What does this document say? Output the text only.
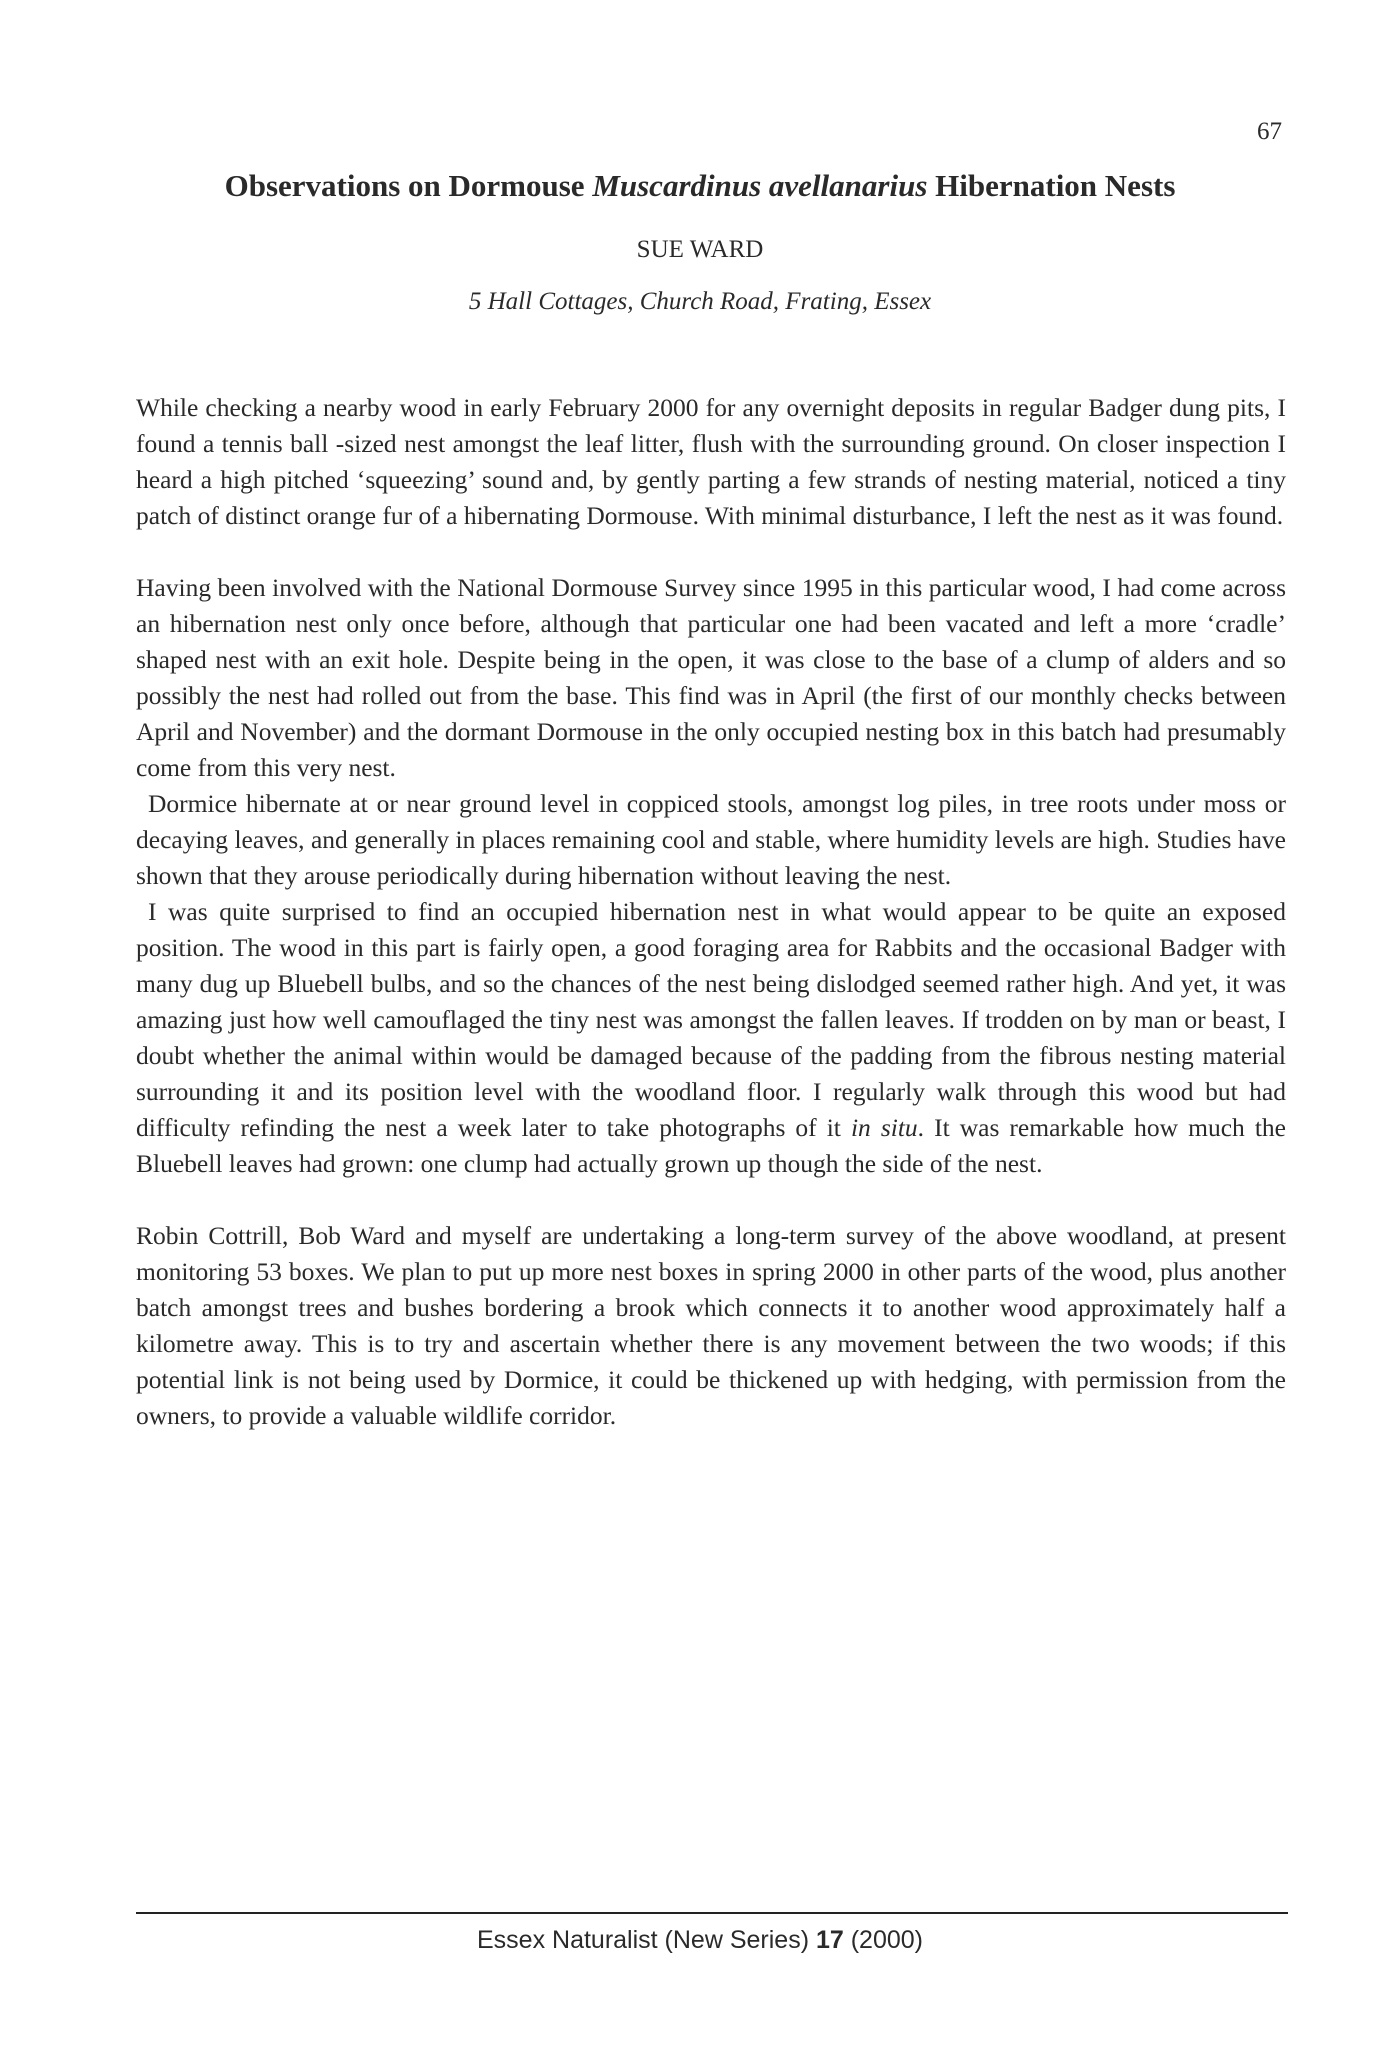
67
Observations on Dormouse Muscardinus avellanarius Hibernation Nests
SUE WARD
5 Hall Cottages, Church Road, Frating, Essex

While checking a nearby wood in early February 2000 for any overnight deposits in regular Badger dung pits, I found a tennis ball -sized nest amongst the leaf litter, flush with the surrounding ground. On closer inspection I heard a high pitched ‘squeezing’ sound and, by gently parting a few strands of nesting material, noticed a tiny patch of distinct orange fur of a hibernating Dormouse. With minimal disturbance, I left the nest as it was found.

Having been involved with the National Dormouse Survey since 1995 in this particular wood, I had come across an hibernation nest only once before, although that particular one had been vacated and left a more ‘cradle’ shaped nest with an exit hole. Despite being in the open, it was close to the base of a clump of alders and so possibly the nest had rolled out from the base. This find was in April (the first of our monthly checks between April and November) and the dormant Dormouse in the only occupied nesting box in this batch had presumably come from this very nest.

Dormice hibernate at or near ground level in coppiced stools, amongst log piles, in tree roots under moss or decaying leaves, and generally in places remaining cool and stable, where humidity levels are high. Studies have shown that they arouse periodically during hibernation without leaving the nest.

I was quite surprised to find an occupied hibernation nest in what would appear to be quite an exposed position. The wood in this part is fairly open, a good foraging area for Rabbits and the occasional Badger with many dug up Bluebell bulbs, and so the chances of the nest being dislodged seemed rather high. And yet, it was amazing just how well camouflaged the tiny nest was amongst the fallen leaves. If trodden on by man or beast, I doubt whether the animal within would be damaged because of the padding from the fibrous nesting material surrounding it and its position level with the woodland floor. I regularly walk through this wood but had difficulty refinding the nest a week later to take photographs of it in situ. It was remarkable how much the Bluebell leaves had grown: one clump had actually grown up though the side of the nest.

Robin Cottrill, Bob Ward and myself are undertaking a long-term survey of the above woodland, at present monitoring 53 boxes. We plan to put up more nest boxes in spring 2000 in other parts of the wood, plus another batch amongst trees and bushes bordering a brook which connects it to another wood approximately half a kilometre away. This is to try and ascertain whether there is any movement between the two woods; if this potential link is not being used by Dormice, it could be thickened up with hedging, with permission from the owners, to provide a valuable wildlife corridor.

Essex Naturalist (New Series) 17 (2000)
